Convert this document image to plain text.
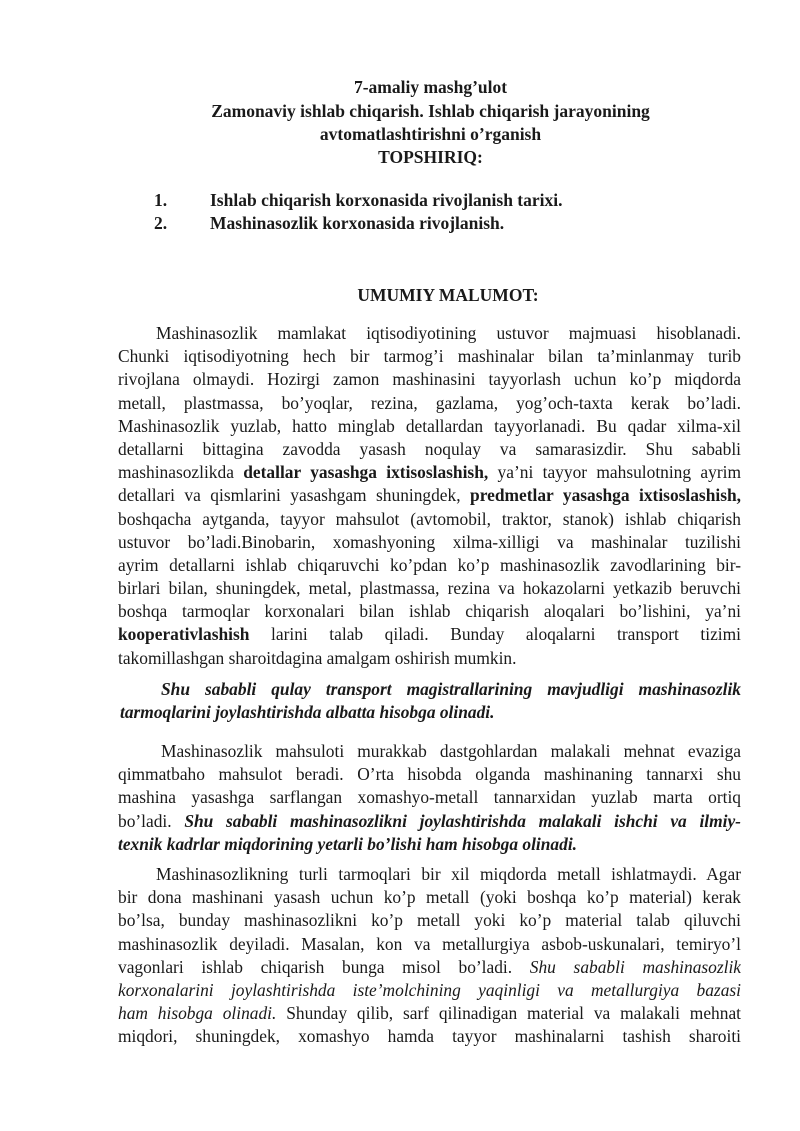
7-amaliy mashg’ulot
Zamonaviy ishlab chiqarish. Ishlab chiqarish jarayonining
avtomatlashtirishni o’rganish
TOPSHIRIQ:
1. Ishlab chiqarish korxonasida rivojlanish tarixi.
2. Mashinasozlik korxonasida rivojlanish.
UMUMIY MALUMOT:
Mashinasozlik mamlakat iqtisodiyotining ustuvor majmuasi hisoblanadi.
Chunki iqtisodiyotning hech bir tarmog’i mashinalar bilan ta’minlanmay turib
rivojlana olmaydi. Hozirgi zamon mashinasini tayyorlash uchun ko’p miqdorda
metall, plastmassa, bo’yoqlar, rezina, gazlama, yog’och-taxta kerak bo’ladi.
Mashinasozlik yuzlab, hatto minglab detallardan tayyorlanadi. Bu qadar xilma-xil
detallarni bittagina zavodda yasash noqulay va samarasizdir. Shu sababli
mashinasozlikda detallar yasashga ixtisoslashish, ya’ni tayyor mahsulotning ayrim
detallari va qismlarini yasashgam shuningdek, predmetlar yasashga ixtisoslashish,
boshqacha aytganda, tayyor mahsulot (avtomobil, traktor, stanok) ishlab chiqarish
ustuvor bo’ladi.Binobarin, xomashyoning xilma-xilligi va mashinalar tuzilishi
ayrim detallarni ishlab chiqaruvchi ko’pdan ko’p mashinasozlik zavodlarining bir-
birlari bilan, shuningdek, metal, plastmassa, rezina va hokazolarni yetkazib beruvchi
boshqa tarmoqlar korxonalari bilan ishlab chiqarish aloqalari bo’lishini, ya’ni
kooperativlashish larini talab qiladi. Bunday aloqalarni transport tizimi
takomillashgan sharoitdagina amalgam oshirish mumkin.
Shu sababli qulay transport magistrallarining mavjudligi mashinasozlik
tarmoqlarini joylashtirishda albatta hisobga olinadi.
Mashinasozlik mahsuloti murakkab dastgohlardan malakali mehnat evaziga
qimmatbaho mahsulot beradi. O’rta hisobda olganda mashinaning tannarxi shu
mashina yasashga sarflangan xomashyo-metall tannarxidan yuzlab marta ortiq
bo’ladi. Shu sababli mashinasozlikni joylashtirishda malakali ishchi va ilmiy-
texnik kadrlar miqdorining yetarli bo’lishi ham hisobga olinadi.
Mashinasozlikning turli tarmoqlari bir xil miqdorda metall ishlatmaydi. Agar
bir dona mashinani yasash uchun ko’p metall (yoki boshqa ko’p material) kerak
bo’lsa, bunday mashinasozlikni ko’p metall yoki ko’p material talab qiluvchi
mashinasozlik deyiladi. Masalan, kon va metallurgiya asbob-uskunalari, temiryo’l
vagonlari ishlab chiqarish bunga misol bo’ladi. Shu sababli mashinasozlik
korxonalarini joylashtirishda iste’molchining yaqinligi va metallurgiya bazasi
ham hisobga olinadi. Shunday qilib, sarf qilinadigan material va malakali mehnat
miqdori, shuningdek, xomashyo hamda tayyor mashinalarni tashish sharoiti
